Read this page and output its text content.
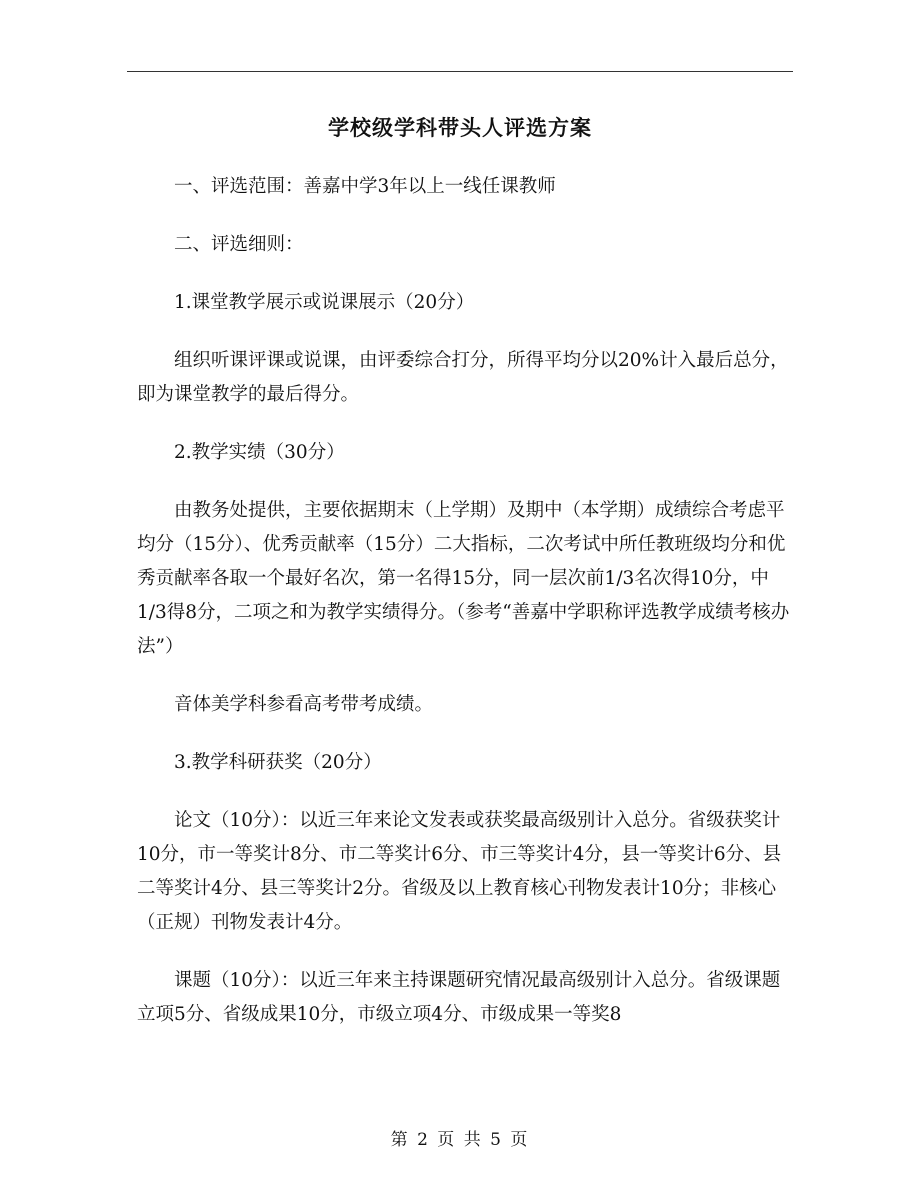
学校级学科带头人评选方案

一、评选范围：善嘉中学3年以上一线任课教师

二、评选细则：

1.课堂教学展示或说课展示（20分）

组织听课评课或说课，由评委综合打分，所得平均分以20%计入最后总分，即为课堂教学的最后得分。

2.教学实绩（30分）

由教务处提供，主要依据期末（上学期）及期中（本学期）成绩综合考虑平均分（15分）、优秀贡献率（15分）二大指标，二次考试中所任教班级均分和优秀贡献率各取一个最好名次，第一名得15分，同一层次前1/3名次得10分，中1/3得8分，二项之和为教学实绩得分。（参考“善嘉中学职称评选教学成绩考核办法”）

音体美学科参看高考带考成绩。

3.教学科研获奖（20分）

论文（10分）：以近三年来论文发表或获奖最高级别计入总分。省级获奖计10分，市一等奖计8分、市二等奖计6分、市三等奖计4分，县一等奖计6分、县二等奖计4分、县三等奖计2分。省级及以上教育核心刊物发表计10分；非核心（正规）刊物发表计4分。

课题（10分）：以近三年来主持课题研究情况最高级别计入总分。省级课题立项5分、省级成果10分，市级立项4分、市级成果一等奖8

第 2 页 共 5 页
